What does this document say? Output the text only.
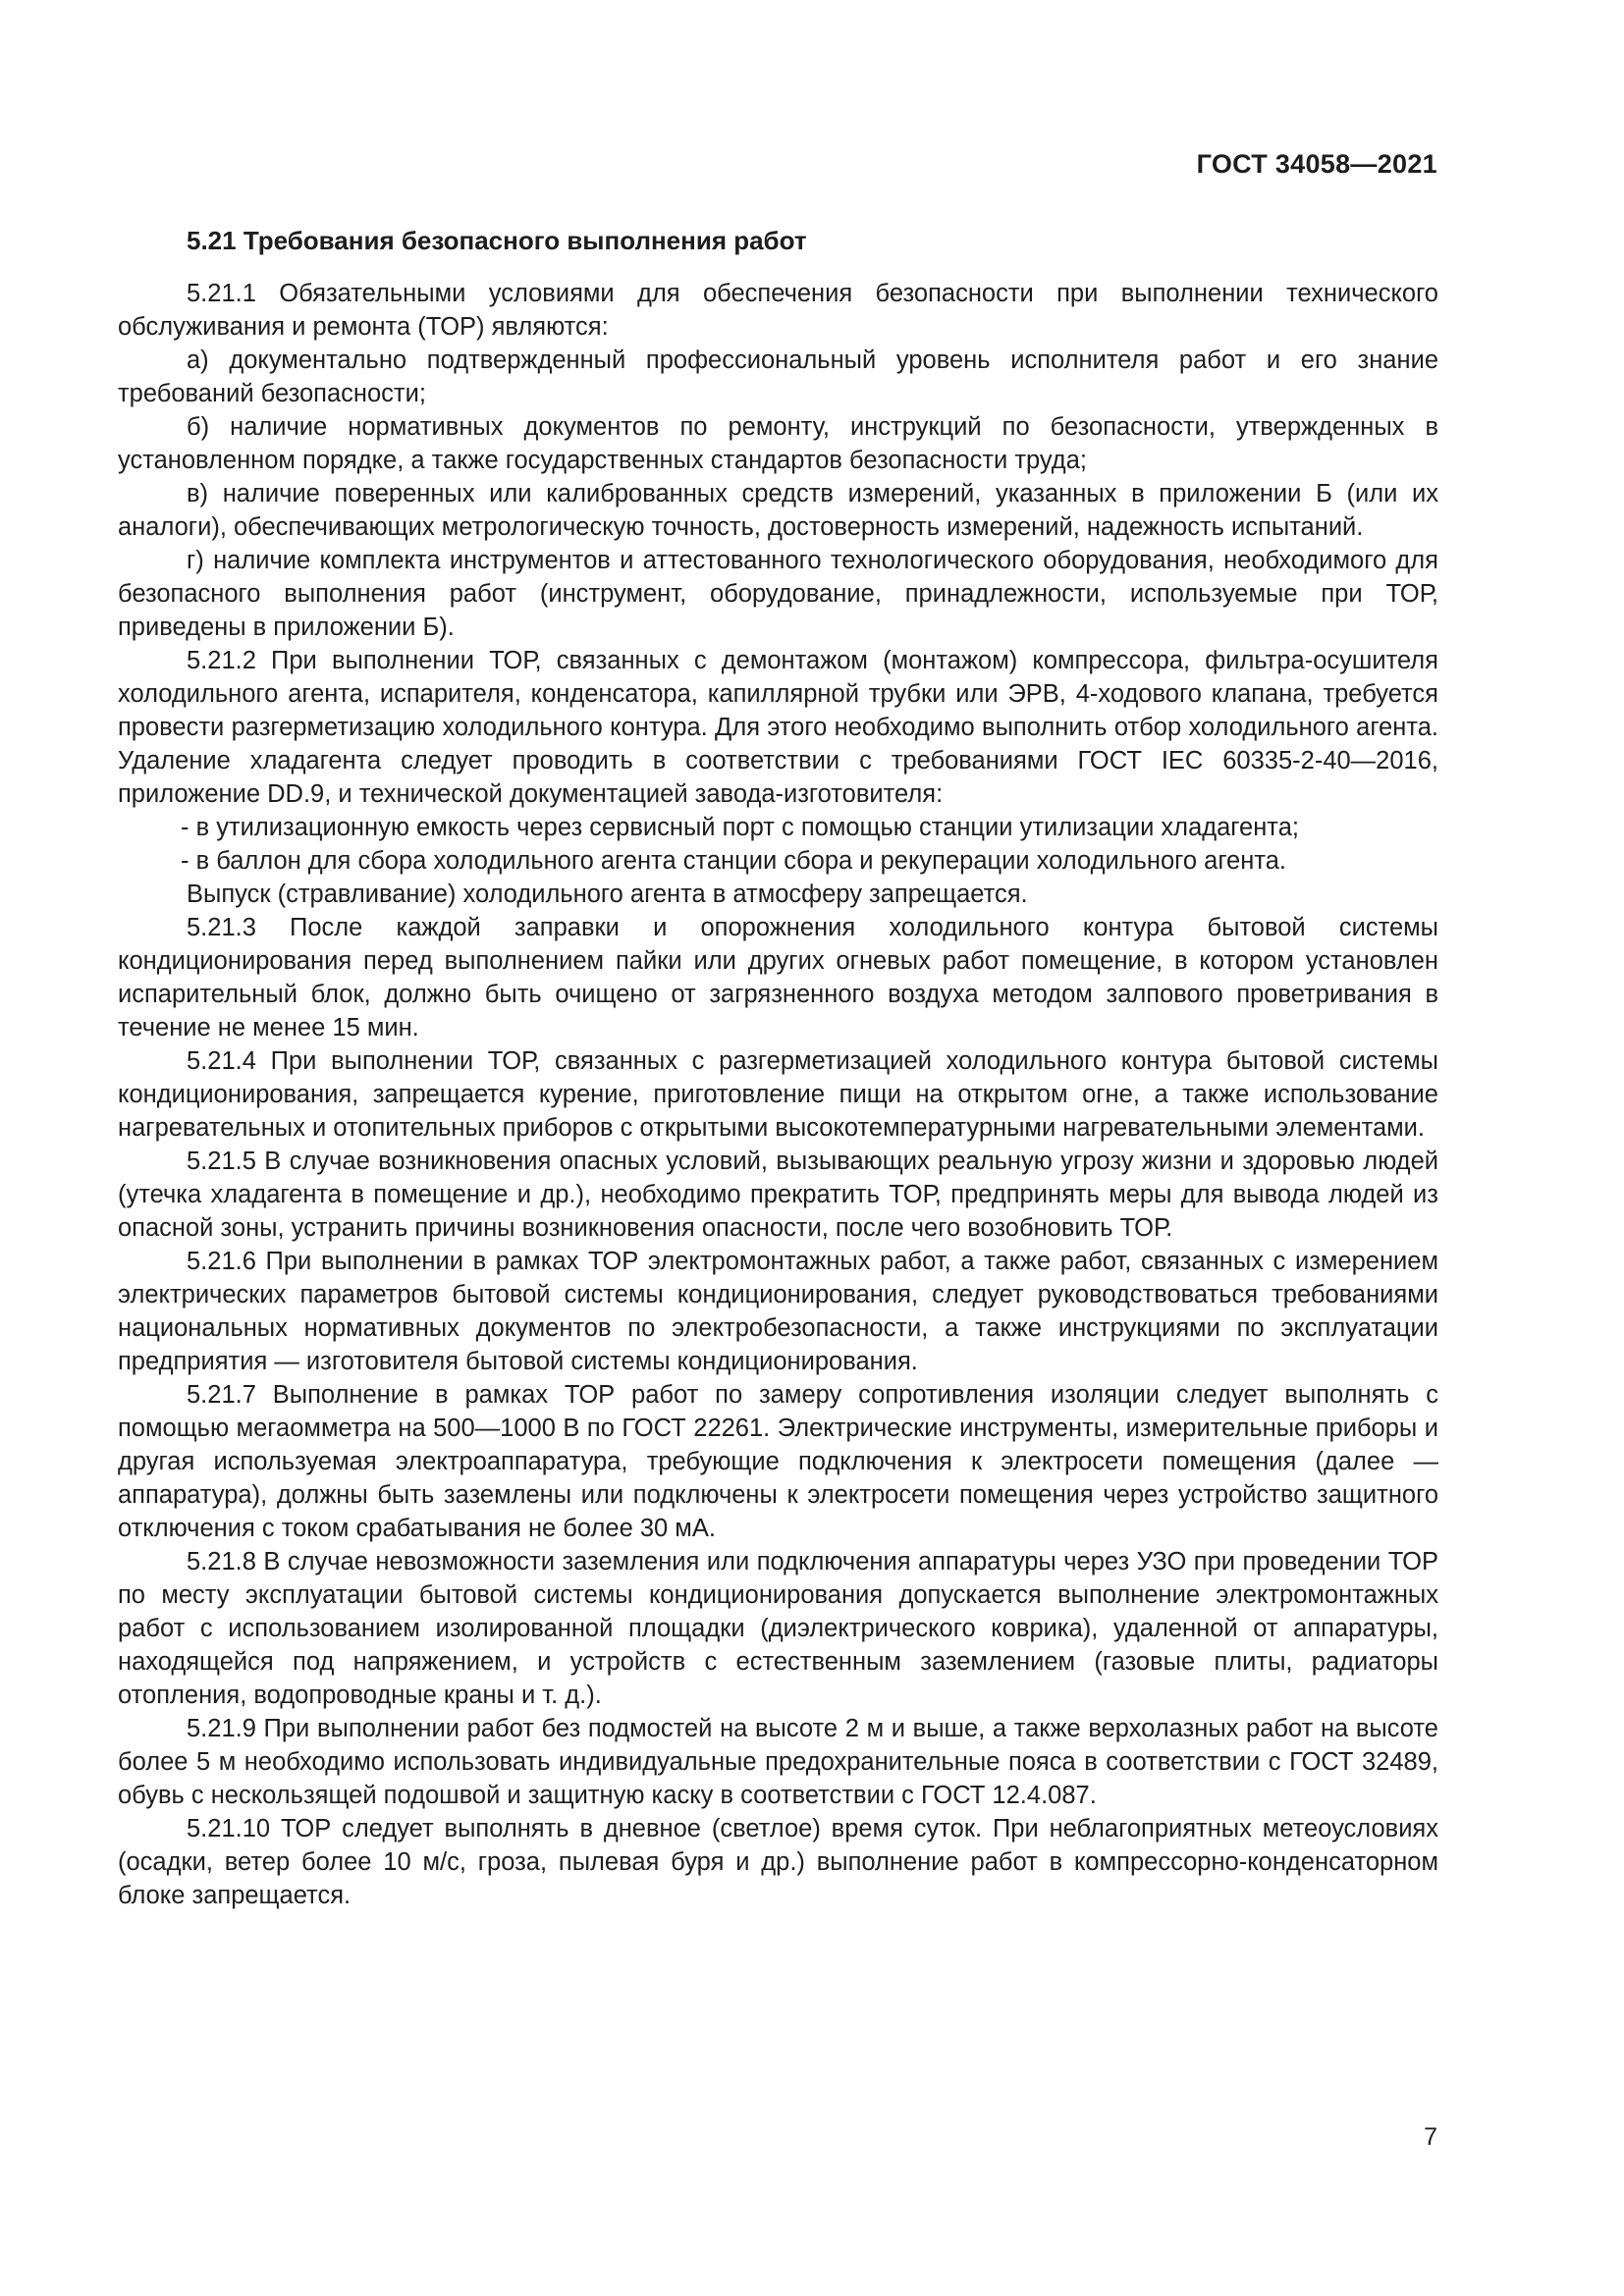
ГОСТ 34058—2021
5.21 Требования безопасного выполнения работ

5.21.1 Обязательными условиями для обеспечения безопасности при выполнении технического обслуживания и ремонта (ТОР) являются:

а) документально подтвержденный профессиональный уровень исполнителя работ и его знание требований безопасности;

б) наличие нормативных документов по ремонту, инструкций по безопасности, утвержденных в установленном порядке, а также государственных стандартов безопасности труда;

в) наличие поверенных или калиброванных средств измерений, указанных в приложении Б (или их аналоги), обеспечивающих метрологическую точность, достоверность измерений, надежность испытаний.

г) наличие комплекта инструментов и аттестованного технологического оборудования, необходимого для безопасного выполнения работ (инструмент, оборудование, принадлежности, используемые при ТОР, приведены в приложении Б).

5.21.2 При выполнении ТОР, связанных с демонтажом (монтажом) компрессора, фильтра-осушителя холодильного агента, испарителя, конденсатора, капиллярной трубки или ЭРВ, 4-ходового клапана, требуется провести разгерметизацию холодильного контура. Для этого необходимо выполнить отбор холодильного агента. Удаление хладагента следует проводить в соответствии с требованиями ГОСТ IEC 60335-2-40—2016, приложение DD.9, и технической документацией завода-изготовителя:

- в утилизационную емкость через сервисный порт с помощью станции утилизации хладагента;

- в баллон для сбора холодильного агента станции сбора и рекуперации холодильного агента.

Выпуск (стравливание) холодильного агента в атмосферу запрещается.

5.21.3 После каждой заправки и опорожнения холодильного контура бытовой системы кондиционирования перед выполнением пайки или других огневых работ помещение, в котором установлен испарительный блок, должно быть очищено от загрязненного воздуха методом залпового проветривания в течение не менее 15 мин.

5.21.4 При выполнении ТОР, связанных с разгерметизацией холодильного контура бытовой системы кондиционирования, запрещается курение, приготовление пищи на открытом огне, а также использование нагревательных и отопительных приборов с открытыми высокотемпературными нагревательными элементами.

5.21.5 В случае возникновения опасных условий, вызывающих реальную угрозу жизни и здоровью людей (утечка хладагента в помещение и др.), необходимо прекратить ТОР, предпринять меры для вывода людей из опасной зоны, устранить причины возникновения опасности, после чего возобновить ТОР.

5.21.6 При выполнении в рамках ТОР электромонтажных работ, а также работ, связанных с измерением электрических параметров бытовой системы кондиционирования, следует руководствоваться требованиями национальных нормативных документов по электробезопасности, а также инструкциями по эксплуатации предприятия — изготовителя бытовой системы кондиционирования.

5.21.7 Выполнение в рамках ТОР работ по замеру сопротивления изоляции следует выполнять с помощью мегаомметра на 500—1000 В по ГОСТ 22261. Электрические инструменты, измерительные приборы и другая используемая электроаппаратура, требующие подключения к электросети помещения (далее — аппаратура), должны быть заземлены или подключены к электросети помещения через устройство защитного отключения с током срабатывания не более 30 мА.

5.21.8 В случае невозможности заземления или подключения аппаратуры через УЗО при проведении ТОР по месту эксплуатации бытовой системы кондиционирования допускается выполнение электромонтажных работ с использованием изолированной площадки (диэлектрического коврика), удаленной от аппаратуры, находящейся под напряжением, и устройств с естественным заземлением (газовые плиты, радиаторы отопления, водопроводные краны и т. д.).

5.21.9 При выполнении работ без подмостей на высоте 2 м и выше, а также верхолазных работ на высоте более 5 м необходимо использовать индивидуальные предохранительные пояса в соответствии с ГОСТ 32489, обувь с нескользящей подошвой и защитную каску в соответствии с ГОСТ 12.4.087.

5.21.10 ТОР следует выполнять в дневное (светлое) время суток. При неблагоприятных метеоусловиях (осадки, ветер более 10 м/с, гроза, пылевая буря и др.) выполнение работ в компрессорно-конденсаторном блоке запрещается.

7
